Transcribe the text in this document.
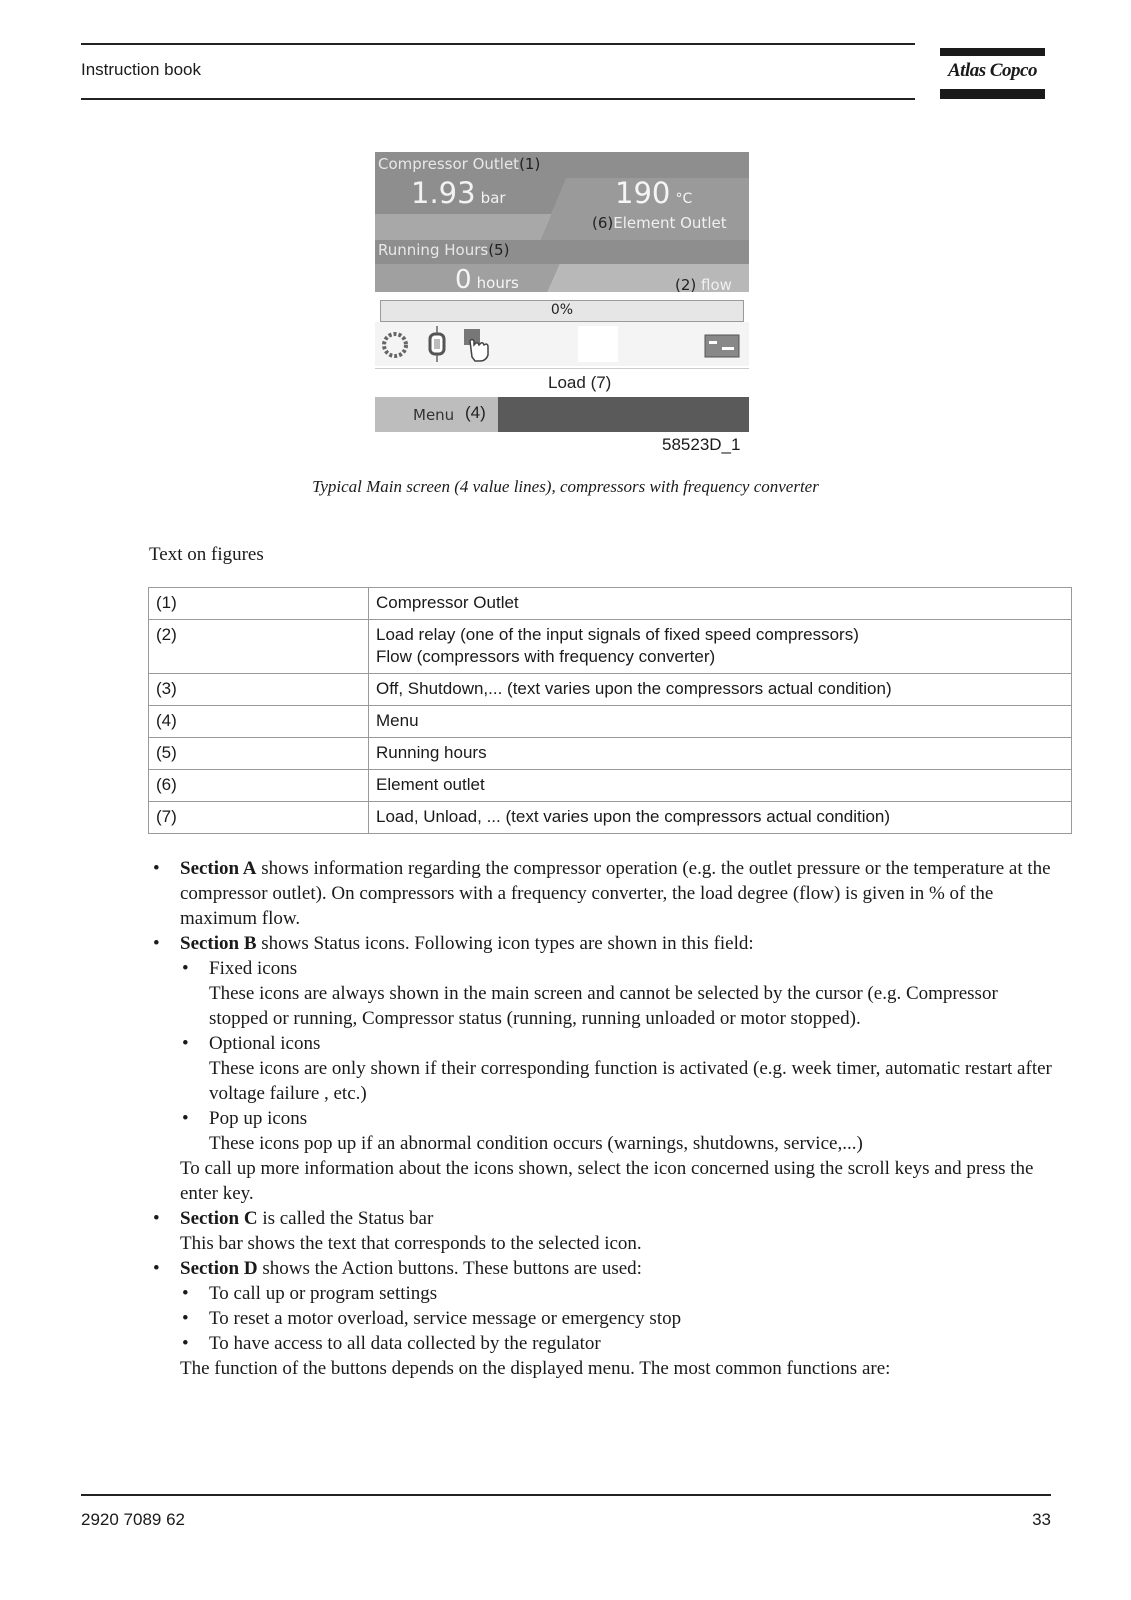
Instruction book	Atlas Copco
Compressor Outlet(1)
1.93 bar	190 °C
(6)Element Outlet
Running Hours(5)
0 hours	(2) flow
0%
Load (7)
Menu (4)
58523D_1
Typical Main screen (4 value lines), compressors with frequency converter
Text on figures
(1)	Compressor Outlet

(2)	Load relay (one of the input signals of fixed speed compressors)
Flow (compressors with frequency converter)

(3)	Off, Shutdown,... (text varies upon the compressors actual condition)

(4)	Menu

(5)	Running hours

(6)	Element outlet

(7)	Load, Unload, ... (text varies upon the compressors actual condition)
• Section A shows information regarding the compressor operation (e.g. the outlet pressure or the temperature at the compressor outlet). On compressors with a frequency converter, the load degree (flow) is given in % of the maximum flow.
• Section B shows Status icons. Following icon types are shown in this field:
• Fixed icons
These icons are always shown in the main screen and cannot be selected by the cursor (e.g. Compressor stopped or running, Compressor status (running, running unloaded or motor stopped).
• Optional icons
These icons are only shown if their corresponding function is activated (e.g. week timer, automatic restart after voltage failure , etc.)
• Pop up icons
These icons pop up if an abnormal condition occurs (warnings, shutdowns, service,...)
To call up more information about the icons shown, select the icon concerned using the scroll keys and press the enter key.
• Section C is called the Status bar
This bar shows the text that corresponds to the selected icon.
• Section D shows the Action buttons. These buttons are used:
• To call up or program settings
• To reset a motor overload, service message or emergency stop
• To have access to all data collected by the regulator
The function of the buttons depends on the displayed menu. The most common functions are:
2920 7089 62	33
